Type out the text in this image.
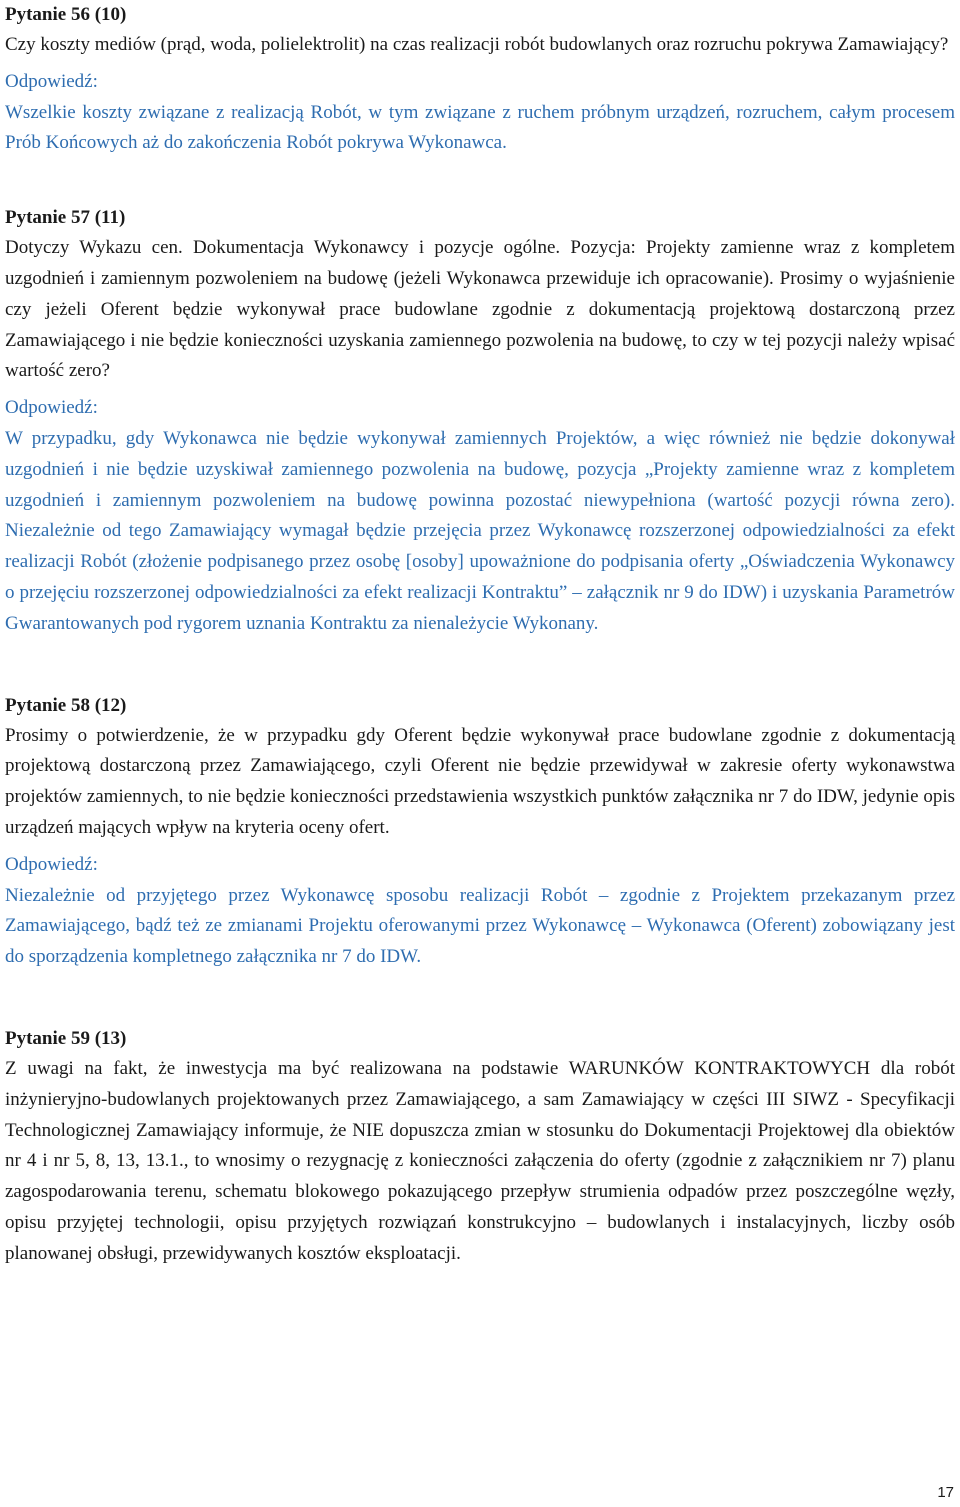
Pytanie 56 (10)

Czy koszty mediów (prąd, woda, polielektrolit) na czas realizacji robót budowlanych oraz rozruchu pokrywa Zamawiający?

Odpowiedź:

Wszelkie koszty związane z realizacją Robót, w tym związane z ruchem próbnym urządzeń, rozruchem, całym procesem Prób Końcowych aż do zakończenia Robót pokrywa Wykonawca.

Pytanie 57 (11)

Dotyczy Wykazu cen. Dokumentacja Wykonawcy i pozycje ogólne. Pozycja: Projekty zamienne wraz z kompletem uzgodnień i zamiennym pozwoleniem na budowę (jeżeli Wykonawca przewiduje ich opracowanie). Prosimy o wyjaśnienie czy jeżeli Oferent będzie wykonywał prace budowlane zgodnie z dokumentacją projektową dostarczoną przez Zamawiającego i nie będzie konieczności uzyskania zamiennego pozwolenia na budowę, to czy w tej pozycji należy wpisać wartość zero?

Odpowiedź:

W przypadku, gdy Wykonawca nie będzie wykonywał zamiennych Projektów, a więc również nie będzie dokonywał uzgodnień i nie będzie uzyskiwał zamiennego pozwolenia na budowę, pozycja „Projekty zamienne wraz z kompletem uzgodnień i zamiennym pozwoleniem na budowę powinna pozostać niewypełniona (wartość pozycji równa zero). Niezależnie od tego Zamawiający wymagał będzie przejęcia przez Wykonawcę rozszerzonej odpowiedzialności za efekt realizacji Robót (złożenie podpisanego przez osobę [osoby] upoważnione do podpisania oferty „Oświadczenia Wykonawcy o przejęciu rozszerzonej odpowiedzialności za efekt realizacji Kontraktu” – załącznik nr 9 do IDW) i uzyskania Parametrów Gwarantowanych pod rygorem uznania Kontraktu za nienależycie Wykonany.

Pytanie 58 (12)

Prosimy o potwierdzenie, że w przypadku gdy Oferent będzie wykonywał prace budowlane zgodnie z dokumentacją projektową dostarczoną przez Zamawiającego, czyli Oferent nie będzie przewidywał w zakresie oferty wykonawstwa projektów zamiennych, to nie będzie konieczności przedstawienia wszystkich punktów załącznika nr 7 do IDW, jedynie opis urządzeń mających wpływ na kryteria oceny ofert.

Odpowiedź:

Niezależnie od przyjętego przez Wykonawcę sposobu realizacji Robót – zgodnie z Projektem przekazanym przez Zamawiającego, bądź też ze zmianami Projektu oferowanymi przez Wykonawcę – Wykonawca (Oferent) zobowiązany jest do sporządzenia kompletnego załącznika nr 7 do IDW.

Pytanie 59 (13)

Z uwagi na fakt, że inwestycja ma być realizowana na podstawie WARUNKÓW KONTRAKTOWYCH dla robót inżynieryjno-budowlanych projektowanych przez Zamawiającego, a sam Zamawiający w części III SIWZ - Specyfikacji Technologicznej Zamawiający informuje, że NIE dopuszcza zmian w stosunku do Dokumentacji Projektowej dla obiektów nr 4 i nr 5, 8, 13, 13.1., to wnosimy o rezygnację z konieczności załączenia do oferty (zgodnie z załącznikiem nr 7) planu zagospodarowania terenu, schematu blokowego pokazującego przepływ strumienia odpadów przez poszczególne węzły, opisu przyjętej technologii, opisu przyjętych rozwiązań konstrukcyjno – budowlanych i instalacyjnych, liczby osób planowanej obsługi, przewidywanych kosztów eksploatacji.

17
